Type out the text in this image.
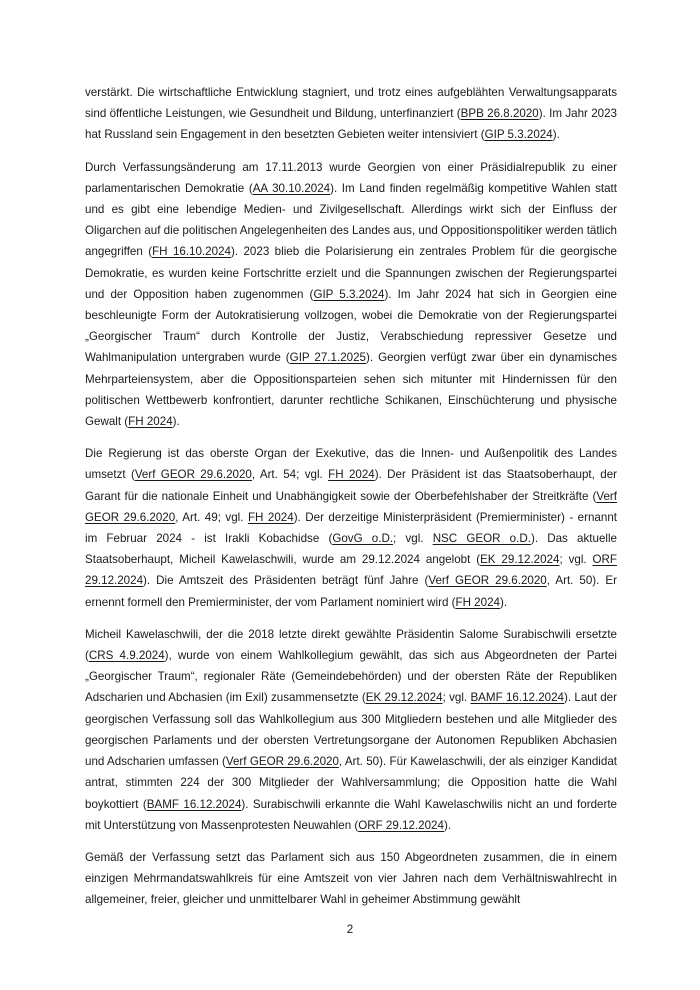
verstärkt. Die wirtschaftliche Entwicklung stagniert, und trotz eines aufgeblähten Verwaltungsapparats sind öffentliche Leistungen, wie Gesundheit und Bildung, unterfinanziert (BPB 26.8.2020). Im Jahr 2023 hat Russland sein Engagement in den besetzten Gebieten weiter intensiviert (GIP 5.3.2024).

Durch Verfassungsänderung am 17.11.2013 wurde Georgien von einer Präsidialrepublik zu einer parlamentarischen Demokratie (AA 30.10.2024). Im Land finden regelmäßig kompetitive Wahlen statt und es gibt eine lebendige Medien- und Zivilgesellschaft. Allerdings wirkt sich der Einfluss der Oligarchen auf die politischen Angelegenheiten des Landes aus, und Oppositionspolitiker werden tätlich angegriffen (FH 16.10.2024). 2023 blieb die Polarisierung ein zentrales Problem für die georgische Demokratie, es wurden keine Fortschritte erzielt und die Spannungen zwischen der Regierungspartei und der Opposition haben zugenommen (GIP 5.3.2024). Im Jahr 2024 hat sich in Georgien eine beschleunigte Form der Autokratisierung vollzogen, wobei die Demokratie von der Regierungspartei „Georgischer Traum“ durch Kontrolle der Justiz, Verabschiedung repressiver Gesetze und Wahlmanipulation untergraben wurde (GIP 27.1.2025). Georgien verfügt zwar über ein dynamisches Mehrparteiensystem, aber die Oppositionsparteien sehen sich mitunter mit Hindernissen für den politischen Wettbewerb konfrontiert, darunter rechtliche Schikanen, Einschüchterung und physische Gewalt (FH 2024).

Die Regierung ist das oberste Organ der Exekutive, das die Innen- und Außenpolitik des Landes umsetzt (Verf GEOR 29.6.2020, Art. 54; vgl. FH 2024). Der Präsident ist das Staatsoberhaupt, der Garant für die nationale Einheit und Unabhängigkeit sowie der Oberbefehlshaber der Streitkräfte (Verf GEOR 29.6.2020, Art. 49; vgl. FH 2024). Der derzeitige Ministerpräsident (Premierminister) - ernannt im Februar 2024 - ist Irakli Kobachidse (GovG o.D.; vgl. NSC GEOR o.D.). Das aktuelle Staatsoberhaupt, Micheil Kawelaschwili, wurde am 29.12.2024 angelobt (EK 29.12.2024; vgl. ORF 29.12.2024). Die Amtszeit des Präsidenten beträgt fünf Jahre (Verf GEOR 29.6.2020, Art. 50). Er ernennt formell den Premierminister, der vom Parlament nominiert wird (FH 2024).

Micheil Kawelaschwili, der die 2018 letzte direkt gewählte Präsidentin Salome Surabischwili ersetzte (CRS 4.9.2024), wurde von einem Wahlkollegium gewählt, das sich aus Abgeordneten der Partei „Georgischer Traum“, regionaler Räte (Gemeindebehörden) und der obersten Räte der Republiken Adscharien und Abchasien (im Exil) zusammensetzte (EK 29.12.2024; vgl. BAMF 16.12.2024). Laut der georgischen Verfassung soll das Wahlkollegium aus 300 Mitgliedern bestehen und alle Mitglieder des georgischen Parlaments und der obersten Vertretungsorgane der Autonomen Republiken Abchasien und Adscharien umfassen (Verf GEOR 29.6.2020, Art. 50). Für Kawelaschwili, der als einziger Kandidat antrat, stimmten 224 der 300 Mitglieder der Wahlversammlung; die Opposition hatte die Wahl boykottiert (BAMF 16.12.2024). Surabischwili erkannte die Wahl Kawelaschwilis nicht an und forderte mit Unterstützung von Massenprotesten Neuwahlen (ORF 29.12.2024).

Gemäß der Verfassung setzt das Parlament sich aus 150 Abgeordneten zusammen, die in einem einzigen Mehrmandatswahlkreis für eine Amtszeit von vier Jahren nach dem Verhältniswahlrecht in allgemeiner, freier, gleicher und unmittelbarer Wahl in geheimer Abstimmung gewählt

2
